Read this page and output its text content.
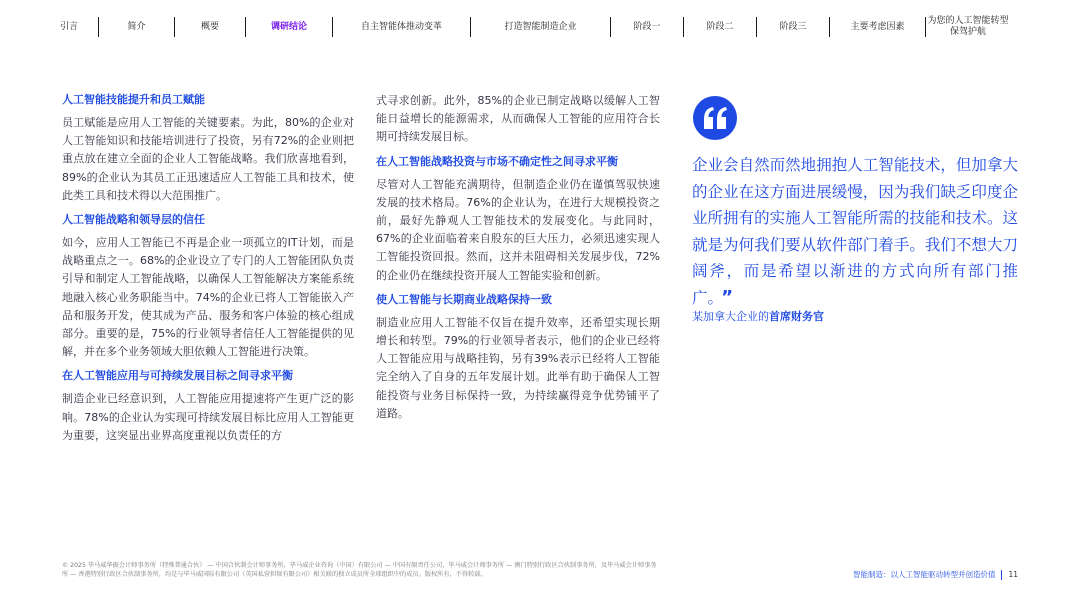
引言	简介	概要	调研结论	自主智能体推动变革	打造智能制造企业	阶段一	阶段二	阶段三	主要考虑因素
为您的人工智能转型保驾护航
人工智能技能提升和员工赋能
员工赋能是应用人工智能的关键要素。为此，80%的企业对人工智能知识和技能培训进行了投资，另有72%的企业则把重点放在建立全面的企业人工智能战略。我们欣喜地看到，89%的企业认为其员工正迅速适应人工智能工具和技术，使此类工具和技术得以大范围推广。
人工智能战略和领导层的信任
如今，应用人工智能已不再是企业一项孤立的IT计划，而是战略重点之一。68%的企业设立了专门的人工智能团队负责引导和制定人工智能战略，以确保人工智能解决方案能系统地融入核心业务职能当中。74%的企业已将人工智能嵌入产品和服务开发，使其成为产品、服务和客户体验的核心组成部分。重要的是，75%的行业领导者信任人工智能提供的见解，并在多个业务领域大胆依赖人工智能进行决策。
在人工智能应用与可持续发展目标之间寻求平衡
制造企业已经意识到，人工智能应用提速将产生更广泛的影响。78%的企业认为实现可持续发展目标比应用人工智能更为重要，这突显出业界高度重视以负责任的方
式寻求创新。此外，85%的企业已制定战略以缓解人工智能日益增长的能源需求，从而确保人工智能的应用符合长期可持续发展目标。
在人工智能战略投资与市场不确定性之间寻求平衡
尽管对人工智能充满期待，但制造企业仍在谨慎驾驭快速发展的技术格局。76%的企业认为，在进行大规模投资之前，最好先静观人工智能技术的发展变化。与此同时，67%的企业面临着来自股东的巨大压力，必须迅速实现人工智能投资回报。然而，这并未阻碍相关发展步伐，72%的企业仍在继续投资开展人工智能实验和创新。
使人工智能与长期商业战略保持一致
制造业应用人工智能不仅旨在提升效率，还希望实现长期增长和转型。79%的行业领导者表示，他们的企业已经将人工智能应用与战略挂钩，另有39%表示已经将人工智能完全纳入了自身的五年发展计划。此举有助于确保人工智能投资与业务目标保持一致，为持续赢得竞争优势铺平了道路。
企业会自然而然地拥抱人工智能技术，但加拿大的企业在这方面进展缓慢，因为我们缺乏印度企业所拥有的实施人工智能所需的技能和技术。这就是为何我们要从软件部门着手。我们不想大刀阔斧，而是希望以渐进的方式向所有部门推广。 ”
某加拿大企业的首席财务官
© 2025 毕马威华振会计师事务所（特殊普通合伙） — 中国合伙制会计师事务所，毕马威企业咨询（中国）有限公司 — 中国有限责任公司，毕马威会计师事务所 — 澳门特别行政区合伙制事务所，及毕马威会计师事务所 — 香港特别行政区合伙制事务所，均是与毕马威国际有限公司（英国私营担保有限公司）相关联的独立成员所全球组织中的成员。版权所有，不得转载。	智能制造：以人工智能驱动转型并创造价值 11
